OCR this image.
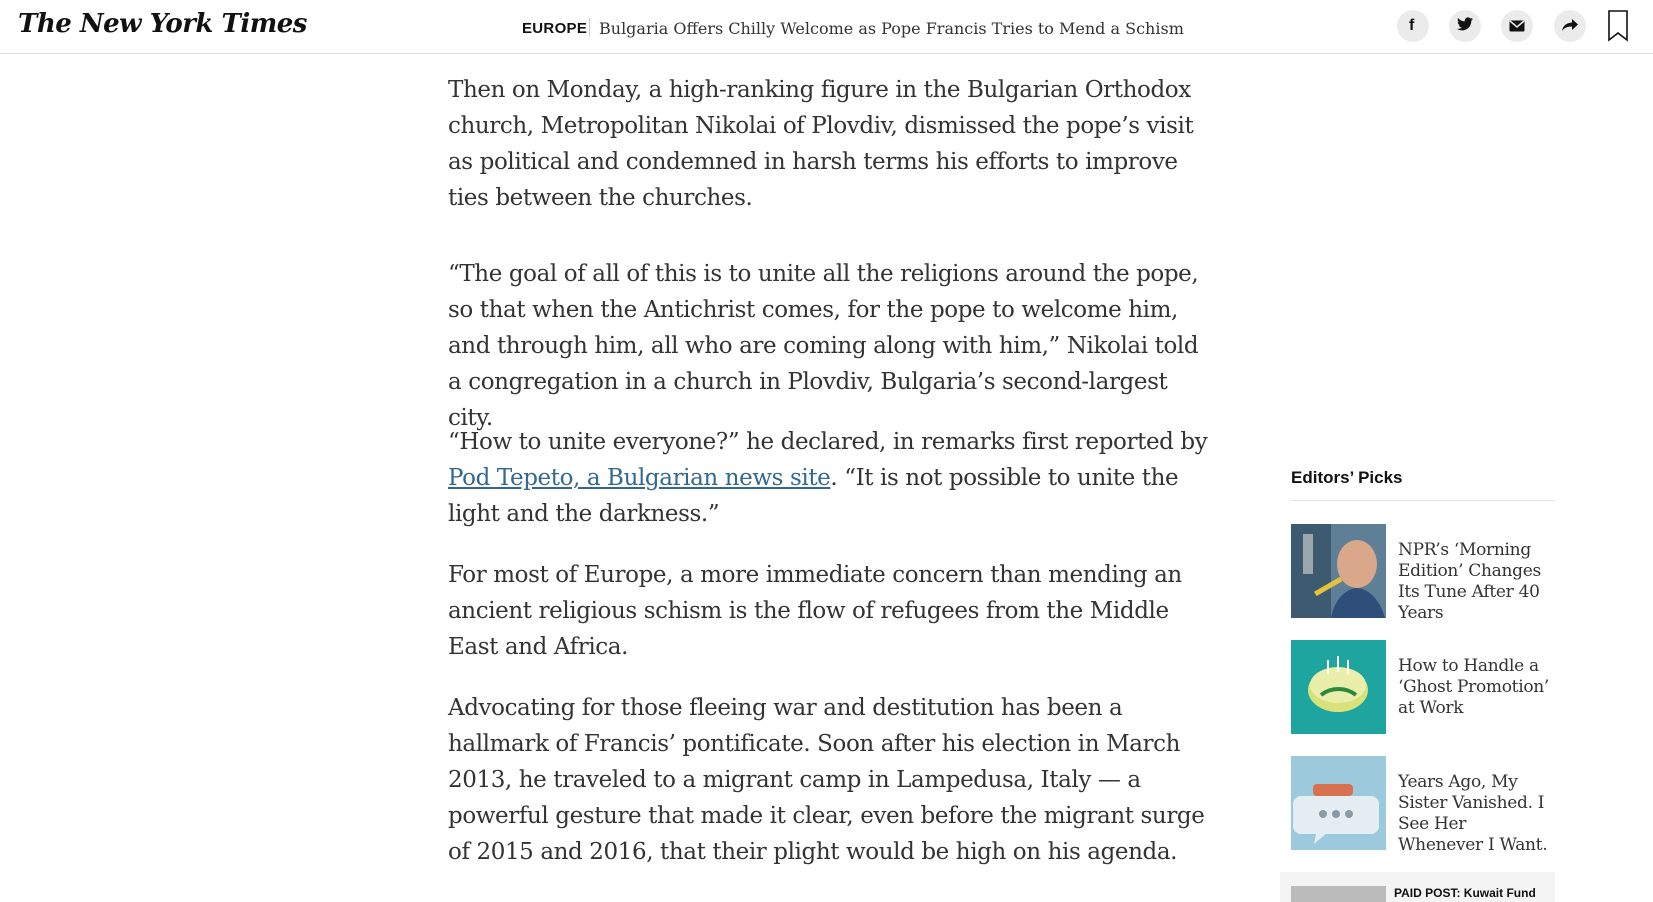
The New York Times	EUROPE Bulgaria Offers Chilly Welcome as Pope Francis Tries to Mend a Schism	f

Then on Monday, a high-ranking figure in the Bulgarian Orthodox church, Metropolitan Nikolai of Plovdiv, dismissed the pope’s visit as political and condemned in harsh terms his efforts to improve ties between the churches.

“The goal of all of this is to unite all the religions around the pope, so that when the Antichrist comes, for the pope to welcome him, and through him, all who are coming along with him,” Nikolai told a congregation in a church in Plovdiv, Bulgaria’s second-largest city.

“How to unite everyone?” he declared, in remarks first reported by Pod Tepeto, a Bulgarian news site. “It is not possible to unite the light and the darkness.”

For most of Europe, a more immediate concern than mending an ancient religious schism is the flow of refugees from the Middle East and Africa.

Advocating for those fleeing war and destitution has been a hallmark of Francis’ pontificate. Soon after his election in March 2013, he traveled to a migrant camp in Lampedusa, Italy — a powerful gesture that made it clear, even before the migrant surge of 2015 and 2016, that their plight would be high on his agenda.

Editors’ Picks
NPR’s ‘Morning Edition’ Changes Its Tune After 40 Years
How to Handle a ‘Ghost Promotion’ at Work
Years Ago, My Sister Vanished. I See Her Whenever I Want.
PAID POST: Kuwait Fund
